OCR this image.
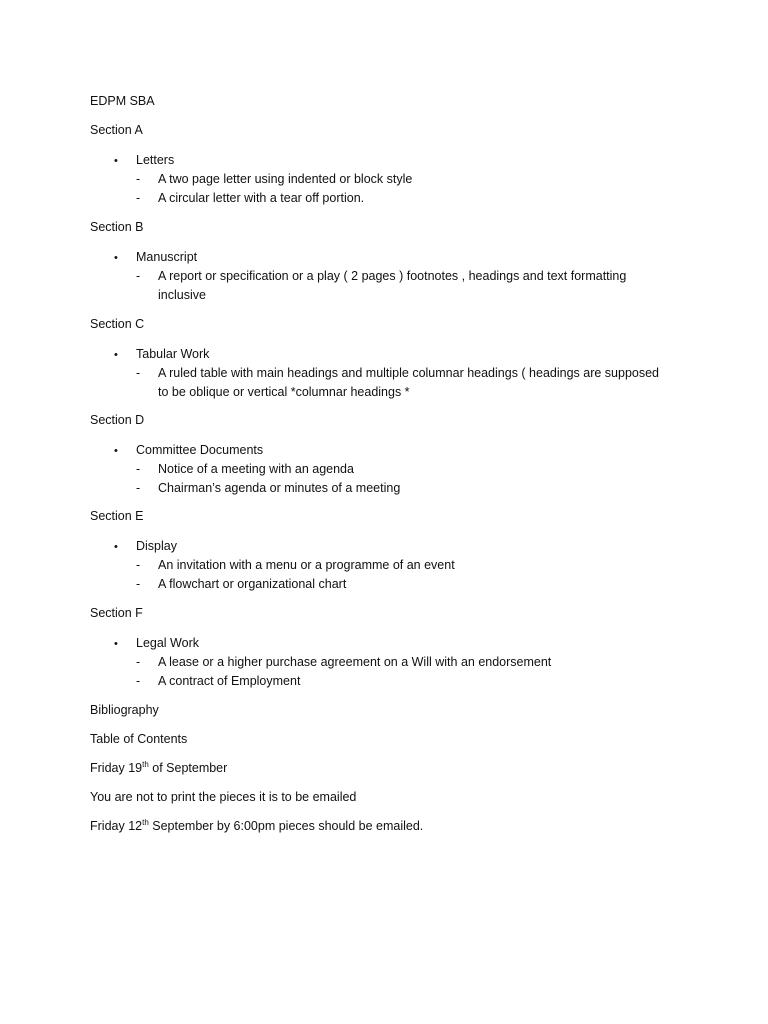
EDPM SBA
Section A
• Letters
- A two page letter using indented or block style
- A circular letter with a tear off portion.
Section B
• Manuscript
- A report or specification or a play ( 2 pages ) footnotes , headings and text formatting
inclusive
Section C
• Tabular Work
- A ruled table with main headings and multiple columnar headings ( headings are supposed
to be oblique or vertical *columnar headings *
Section D
• Committee Documents
- Notice of a meeting with an agenda
- Chairman’s agenda or minutes of a meeting
Section E
• Display
- An invitation with a menu or a programme of an event
- A flowchart or organizational chart
Section F
• Legal Work
- A lease or a higher purchase agreement on a Will with an endorsement
- A contract of Employment
Bibliography
Table of Contents
Friday 19th of September
You are not to print the pieces it is to be emailed
Friday 12th September by 6:00pm pieces should be emailed.
